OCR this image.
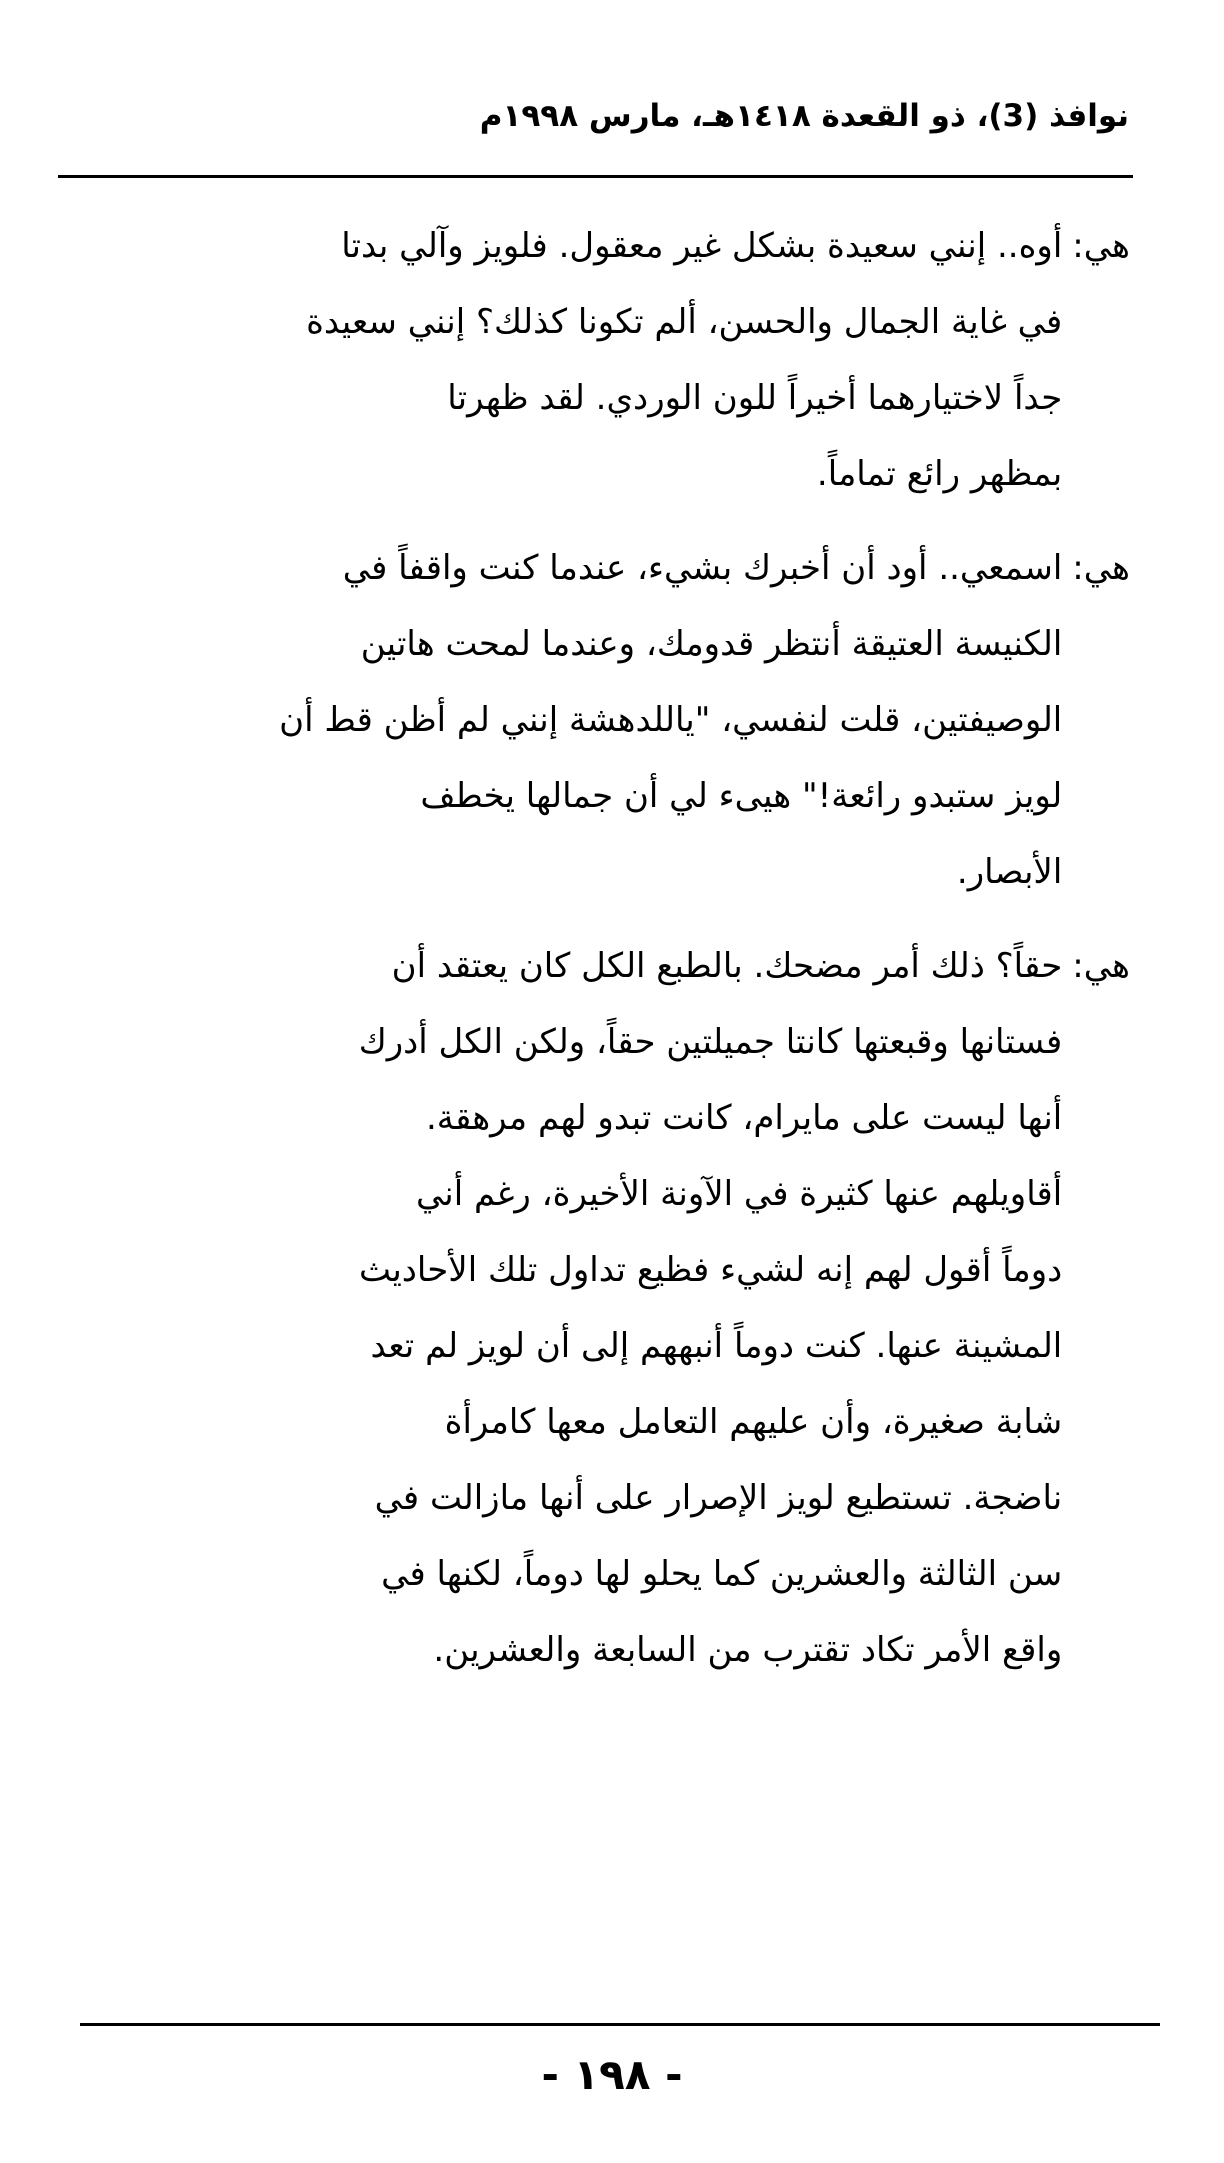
نوافذ (3)، ذو القعدة ١٤١٨هـ، مارس ١٩٩٨م
هي:
أوه.. إنني سعيدة بشكل غير معقول. فلويز وآلي بدتا
في غاية الجمال والحسن، ألم تكونا كذلك؟ إنني سعيدة
جداً لاختيارهما أخيراً للون الوردي. لقد ظهرتا
بمظهر رائع تماماً.
هي:
اسمعي.. أود أن أخبرك بشيء، عندما كنت واقفاً في
الكنيسة العتيقة أنتظر قدومك، وعندما لمحت هاتين
الوصيفتين، قلت لنفسي، "ياللدهشة إنني لم أظن قط أن
لويز ستبدو رائعة!" هيىء لي أن جمالها يخطف
الأبصار.
هي:
حقاً؟ ذلك أمر مضحك. بالطبع الكل كان يعتقد أن
فستانها وقبعتها كانتا جميلتين حقاً، ولكن الكل أدرك
أنها ليست على مايرام، كانت تبدو لهم مرهقة.
أقاويلهم عنها كثيرة في الآونة الأخيرة، رغم أني
دوماً أقول لهم إنه لشيء فظيع تداول تلك الأحاديث
المشينة عنها. كنت دوماً أنبههم إلى أن لويز لم تعد
شابة صغيرة، وأن عليهم التعامل معها كامرأة
ناضجة. تستطيع لويز الإصرار على أنها مازالت في
سن الثالثة والعشرين كما يحلو لها دوماً، لكنها في
واقع الأمر تكاد تقترب من السابعة والعشرين.
- ١٩٨ -
